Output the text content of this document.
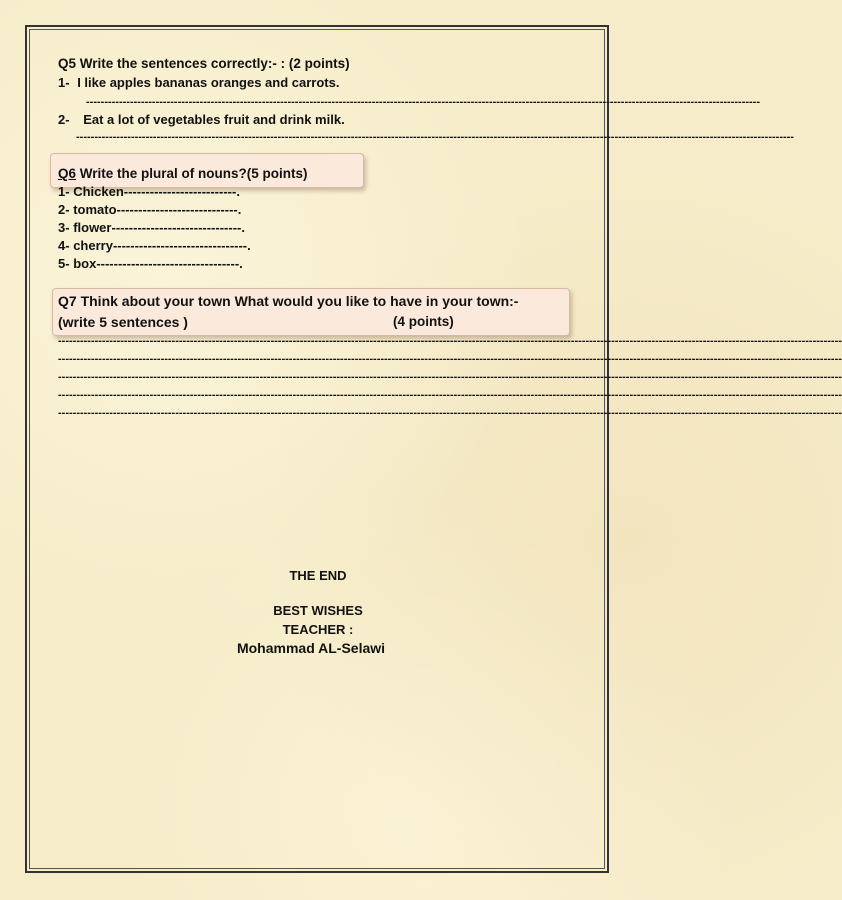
Q5 Write the sentences correctly:- : (2 points)
1- I like apples bananas oranges and carrots.
----------------------------------------------------------------------------------------------------------------------------------------------------------------------------------------
2- Eat a lot of vegetables fruit and drink milk.
----------------------------------------------------------------------------------------------------------------------------------------------------------------------------------------------------
Q6 Write the plural of nouns?(5 points)
1- Chicken--------------------------.
2- tomato----------------------------.
3- flower------------------------------.
4- cherry-------------------------------.
5- box---------------------------------.
Q7 Think about your town What would you like to have in your town:-
(write 5 sentences )	(4 points)
----------------------------------------------------------------------------------------------------------------------------------------------------------------------------------------------------------------------
----------------------------------------------------------------------------------------------------------------------------------------------------------------------------------------------------------------------
----------------------------------------------------------------------------------------------------------------------------------------------------------------------------------------------------------------------
----------------------------------------------------------------------------------------------------------------------------------------------------------------------------------------------------------------------
----------------------------------------------------------------------------------------------------------------------------------------------------------------------------------------------------------------------
THE END
BEST WISHES
TEACHER :
Mohammad AL-Selawi
